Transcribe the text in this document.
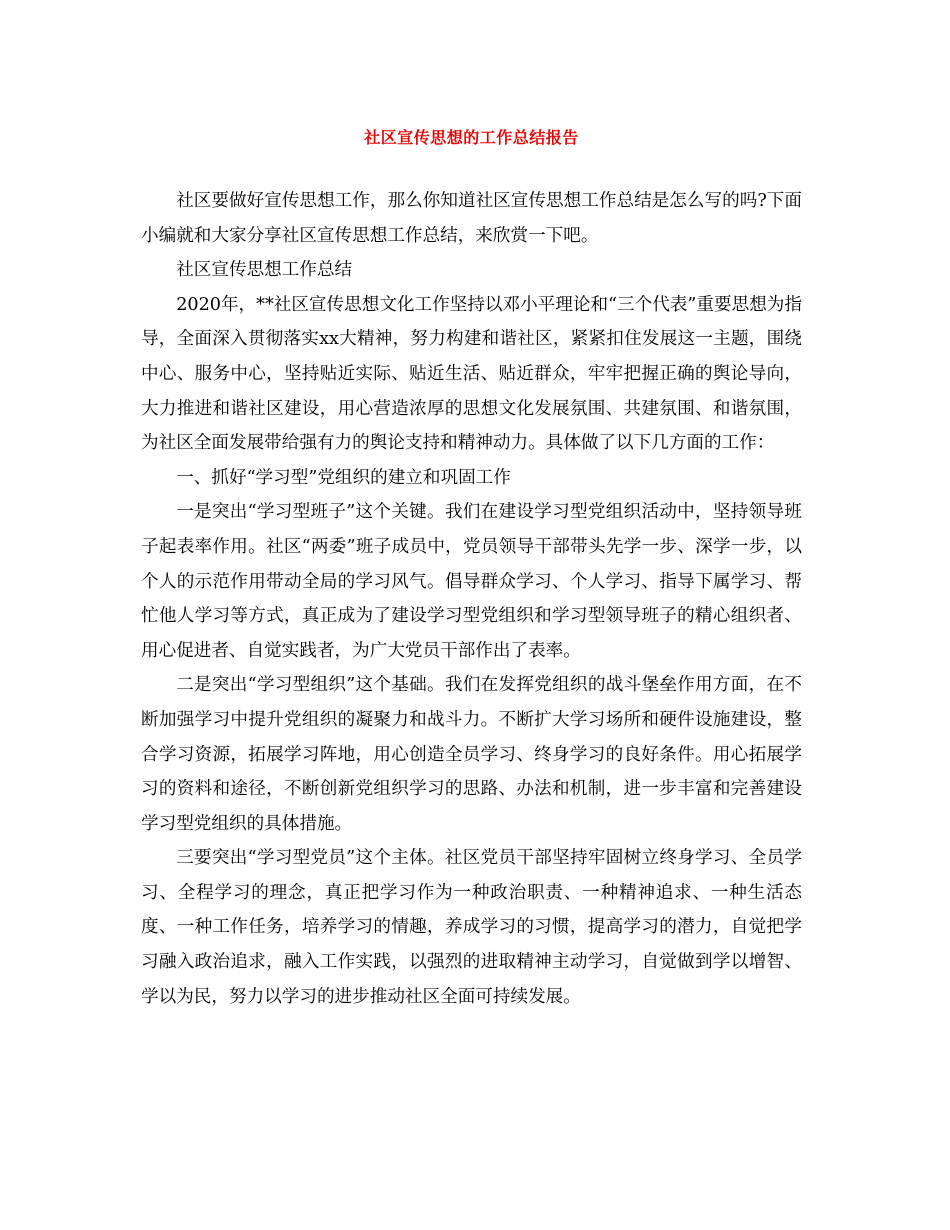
社区宣传思想的工作总结报告

社区要做好宣传思想工作，那么你知道社区宣传思想工作总结是怎么写的吗?下面小编就和大家分享社区宣传思想工作总结，来欣赏一下吧。

社区宣传思想工作总结

2020年，**社区宣传思想文化工作坚持以邓小平理论和“三个代表”重要思想为指导，全面深入贯彻落实xx大精神，努力构建和谐社区，紧紧扣住发展这一主题，围绕中心、服务中心，坚持贴近实际、贴近生活、贴近群众，牢牢把握正确的舆论导向，大力推进和谐社区建设，用心营造浓厚的思想文化发展氛围、共建氛围、和谐氛围，为社区全面发展带给强有力的舆论支持和精神动力。具体做了以下几方面的工作：

一、抓好“学习型”党组织的建立和巩固工作

一是突出“学习型班子”这个关键。我们在建设学习型党组织活动中，坚持领导班子起表率作用。社区“两委”班子成员中，党员领导干部带头先学一步、深学一步，以个人的示范作用带动全局的学习风气。倡导群众学习、个人学习、指导下属学习、帮忙他人学习等方式，真正成为了建设学习型党组织和学习型领导班子的精心组织者、用心促进者、自觉实践者，为广大党员干部作出了表率。

二是突出“学习型组织”这个基础。我们在发挥党组织的战斗堡垒作用方面，在不断加强学习中提升党组织的凝聚力和战斗力。不断扩大学习场所和硬件设施建设，整合学习资源，拓展学习阵地，用心创造全员学习、终身学习的良好条件。用心拓展学习的资料和途径，不断创新党组织学习的思路、办法和机制，进一步丰富和完善建设学习型党组织的具体措施。

三要突出“学习型党员”这个主体。社区党员干部坚持牢固树立终身学习、全员学习、全程学习的理念，真正把学习作为一种政治职责、一种精神追求、一种生活态度、一种工作任务，培养学习的情趣，养成学习的习惯，提高学习的潜力，自觉把学习融入政治追求，融入工作实践，以强烈的进取精神主动学习，自觉做到学以增智、学以为民，努力以学习的进步推动社区全面可持续发展。
